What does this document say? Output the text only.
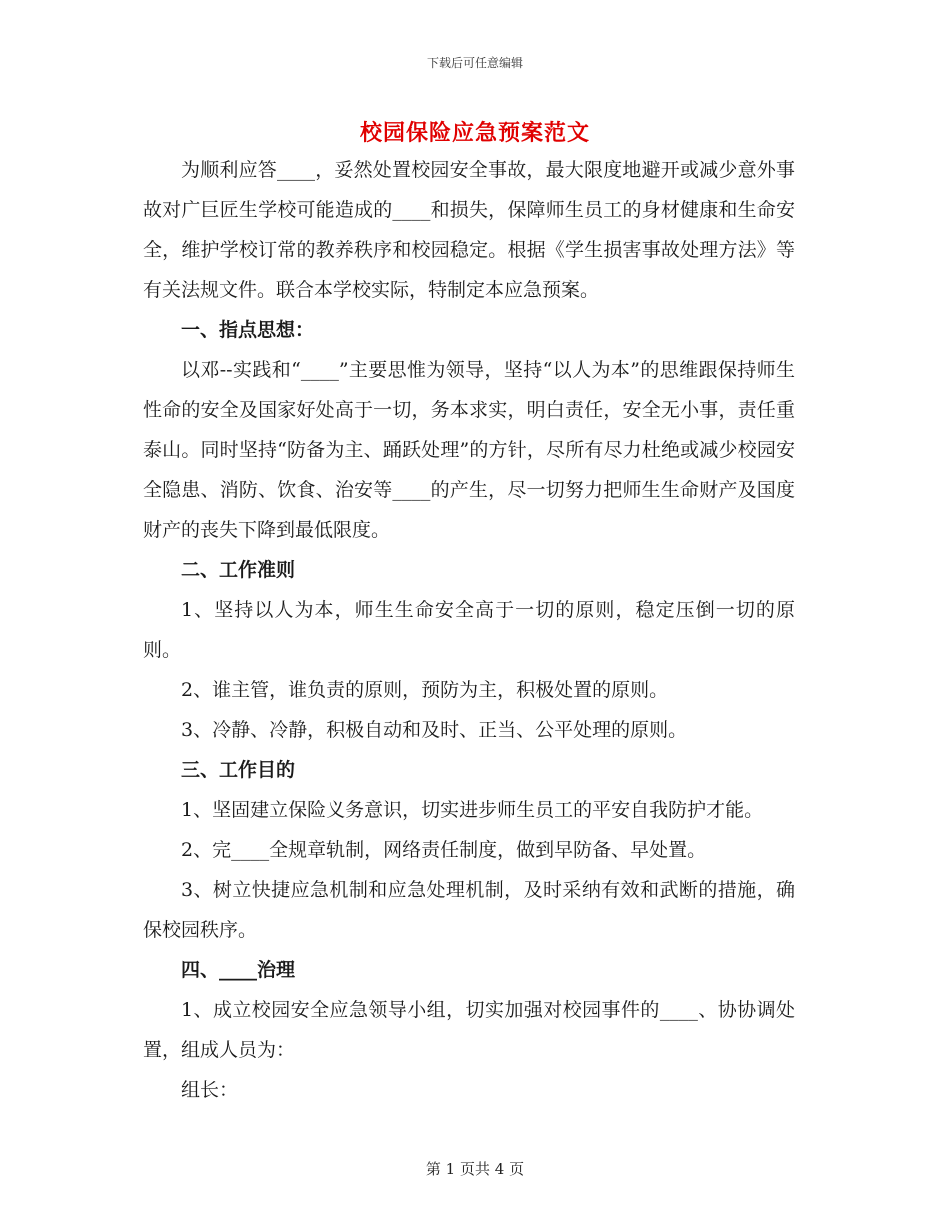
下载后可任意编辑
校园保险应急预案范文

为顺利应答____，妥然处置校园安全事故，最大限度地避开或减少意外事故对广巨匠生学校可能造成的____和损失，保障师生员工的身材健康和生命安全，维护学校订常的教养秩序和校园稳定。根据《学生损害事故处理方法》等有关法规文件。联合本学校实际，特制定本应急预案。

一、指点思想：

以邓--实践和“____”主要思惟为领导，坚持“以人为本”的思维跟保持师生性命的安全及国家好处高于一切，务本求实，明白责任，安全无小事，责任重泰山。同时坚持“防备为主、踊跃处理”的方针，尽所有尽力杜绝或减少校园安全隐患、消防、饮食、治安等____的产生，尽一切努力把师生生命财产及国度财产的丧失下降到最低限度。

二、工作准则

1、坚持以人为本，师生生命安全高于一切的原则，稳定压倒一切的原则。

2、谁主管，谁负责的原则，预防为主，积极处置的原则。

3、冷静、冷静，积极自动和及时、正当、公平处理的原则。

三、工作目的

1、坚固建立保险义务意识，切实进步师生员工的平安自我防护才能。

2、完____全规章轨制，网络责任制度，做到早防备、早处置。

3、树立快捷应急机制和应急处理机制，及时采纳有效和武断的措施，确保校园秩序。

四、____治理

1、成立校园安全应急领导小组，切实加强对校园事件的____、协协调处置，组成人员为：

组长：

第 1 页共 4 页
